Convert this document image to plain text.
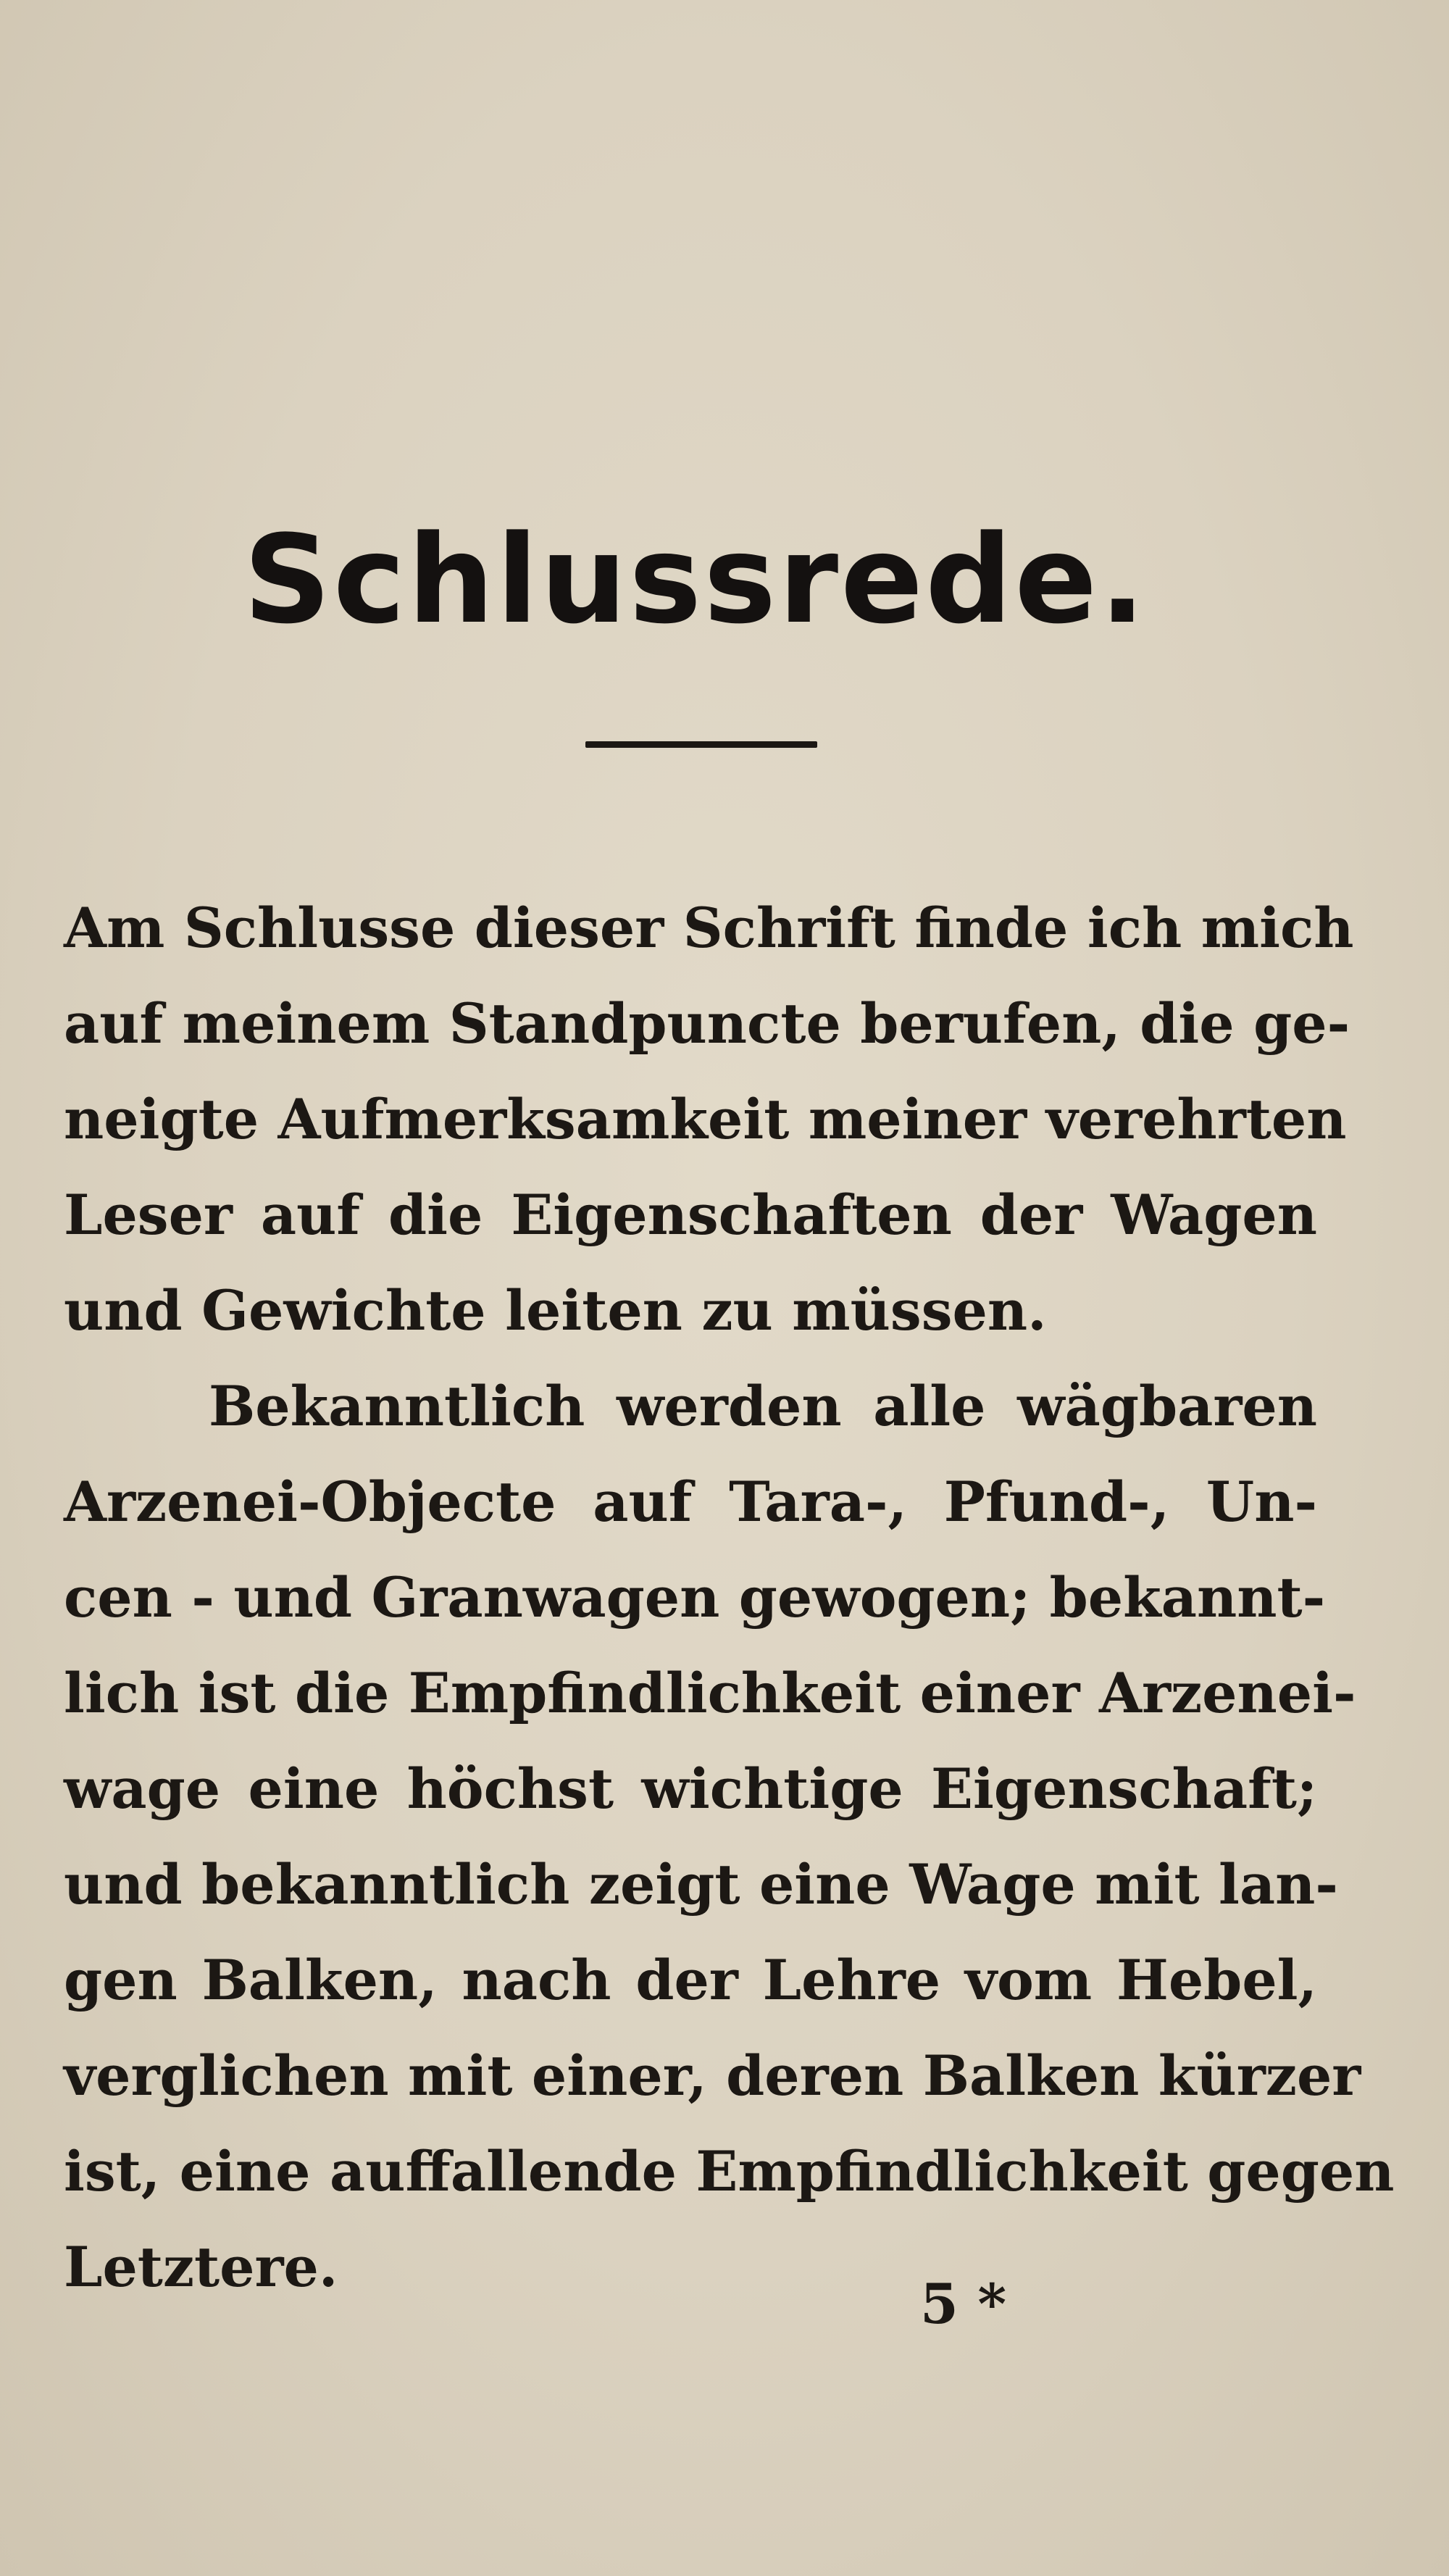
Schlussrede.
Am Schlusse dieser Schrift finde ich mich
auf meinem Standpuncte berufen, die ge-
neigte Aufmerksamkeit meiner verehrten
Leser auf die Eigenschaften der Wagen
und Gewichte leiten zu müssen.
Bekanntlich werden alle wägbaren
Arzenei-Objecte auf Tara-, Pfund-, Un-
cen - und Granwagen gewogen; bekannt-
lich ist die Empfindlichkeit einer Arzenei-
wage eine höchst wichtige Eigenschaft;
und bekanntlich zeigt eine Wage mit lan-
gen Balken, nach der Lehre vom Hebel,
verglichen mit einer, deren Balken kürzer
ist, eine auffallende Empfindlichkeit gegen
Letztere.
5 *
